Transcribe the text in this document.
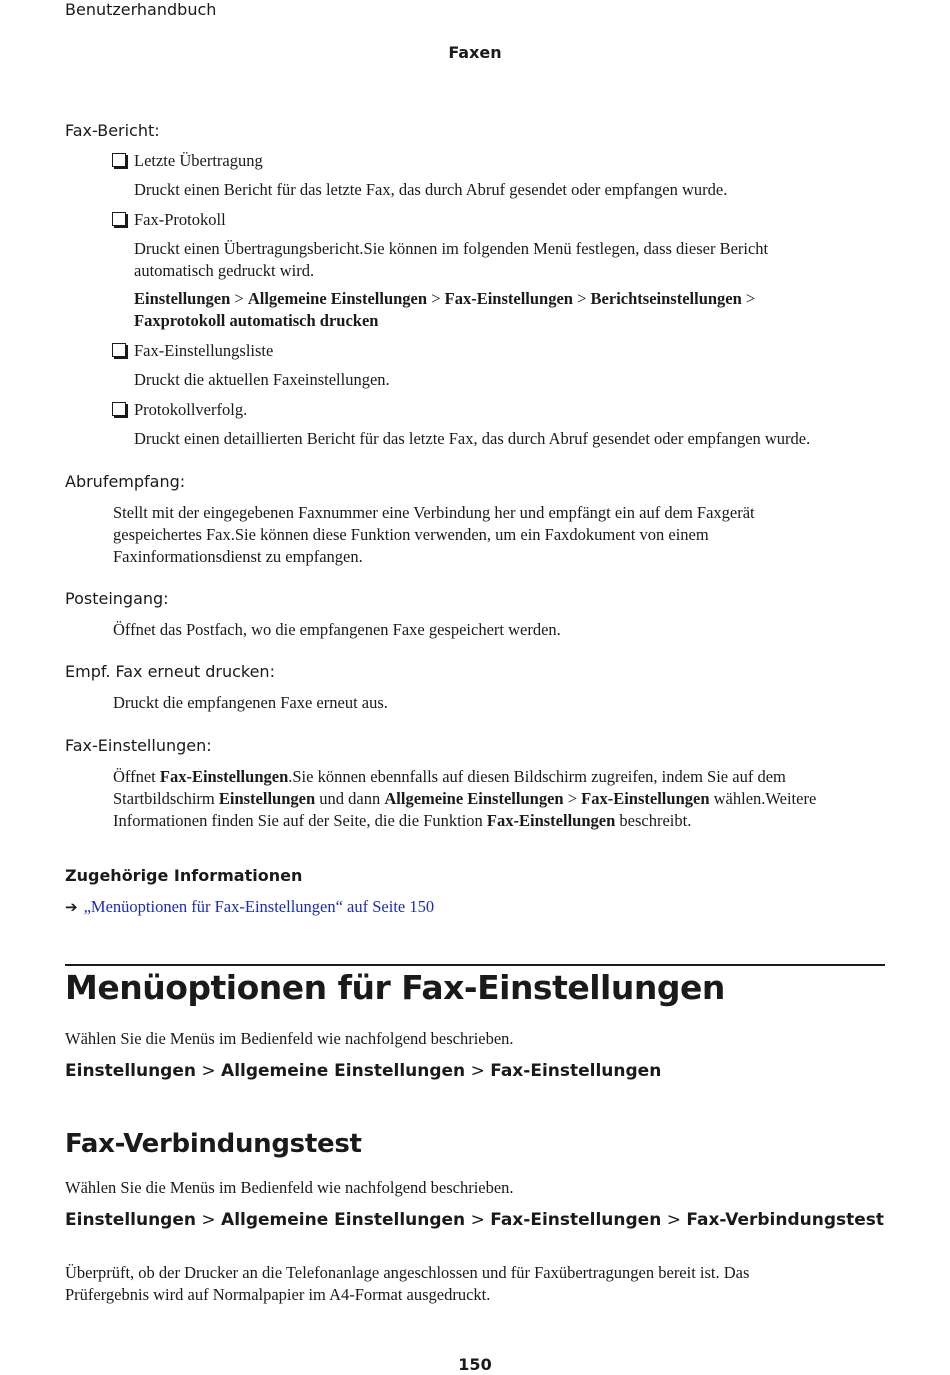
Benutzerhandbuch
Faxen
Fax-Bericht:
Letzte Übertragung
Druckt einen Bericht für das letzte Fax, das durch Abruf gesendet oder empfangen wurde.
Fax-Protokoll
Druckt einen Übertragungsbericht.Sie können im folgenden Menü festlegen, dass dieser Bericht automatisch gedruckt wird.
Einstellungen > Allgemeine Einstellungen > Fax-Einstellungen > Berichtseinstellungen > Faxprotokoll automatisch drucken
Fax-Einstellungsliste
Druckt die aktuellen Faxeinstellungen.
Protokollverfolg.
Druckt einen detaillierten Bericht für das letzte Fax, das durch Abruf gesendet oder empfangen wurde.
Abrufempfang:
Stellt mit der eingegebenen Faxnummer eine Verbindung her und empfängt ein auf dem Faxgerät gespeichertes Fax.Sie können diese Funktion verwenden, um ein Faxdokument von einem Faxinformationsdienst zu empfangen.
Posteingang:
Öffnet das Postfach, wo die empfangenen Faxe gespeichert werden.
Empf. Fax erneut drucken:
Druckt die empfangenen Faxe erneut aus.
Fax-Einstellungen:
Öffnet Fax-Einstellungen.Sie können ebennfalls auf diesen Bildschirm zugreifen, indem Sie auf dem Startbildschirm Einstellungen und dann Allgemeine Einstellungen > Fax-Einstellungen wählen.Weitere Informationen finden Sie auf der Seite, die die Funktion Fax-Einstellungen beschreibt.
Zugehörige Informationen
➔ „Menüoptionen für Fax-Einstellungen“ auf Seite 150
Menüoptionen für Fax-Einstellungen
Wählen Sie die Menüs im Bedienfeld wie nachfolgend beschrieben.
Einstellungen > Allgemeine Einstellungen > Fax-Einstellungen
Fax-Verbindungstest
Wählen Sie die Menüs im Bedienfeld wie nachfolgend beschrieben.
Einstellungen > Allgemeine Einstellungen > Fax-Einstellungen > Fax-Verbindungstest
Überprüft, ob der Drucker an die Telefonanlage angeschlossen und für Faxübertragungen bereit ist. Das Prüfergebnis wird auf Normalpapier im A4-Format ausgedruckt.
150
